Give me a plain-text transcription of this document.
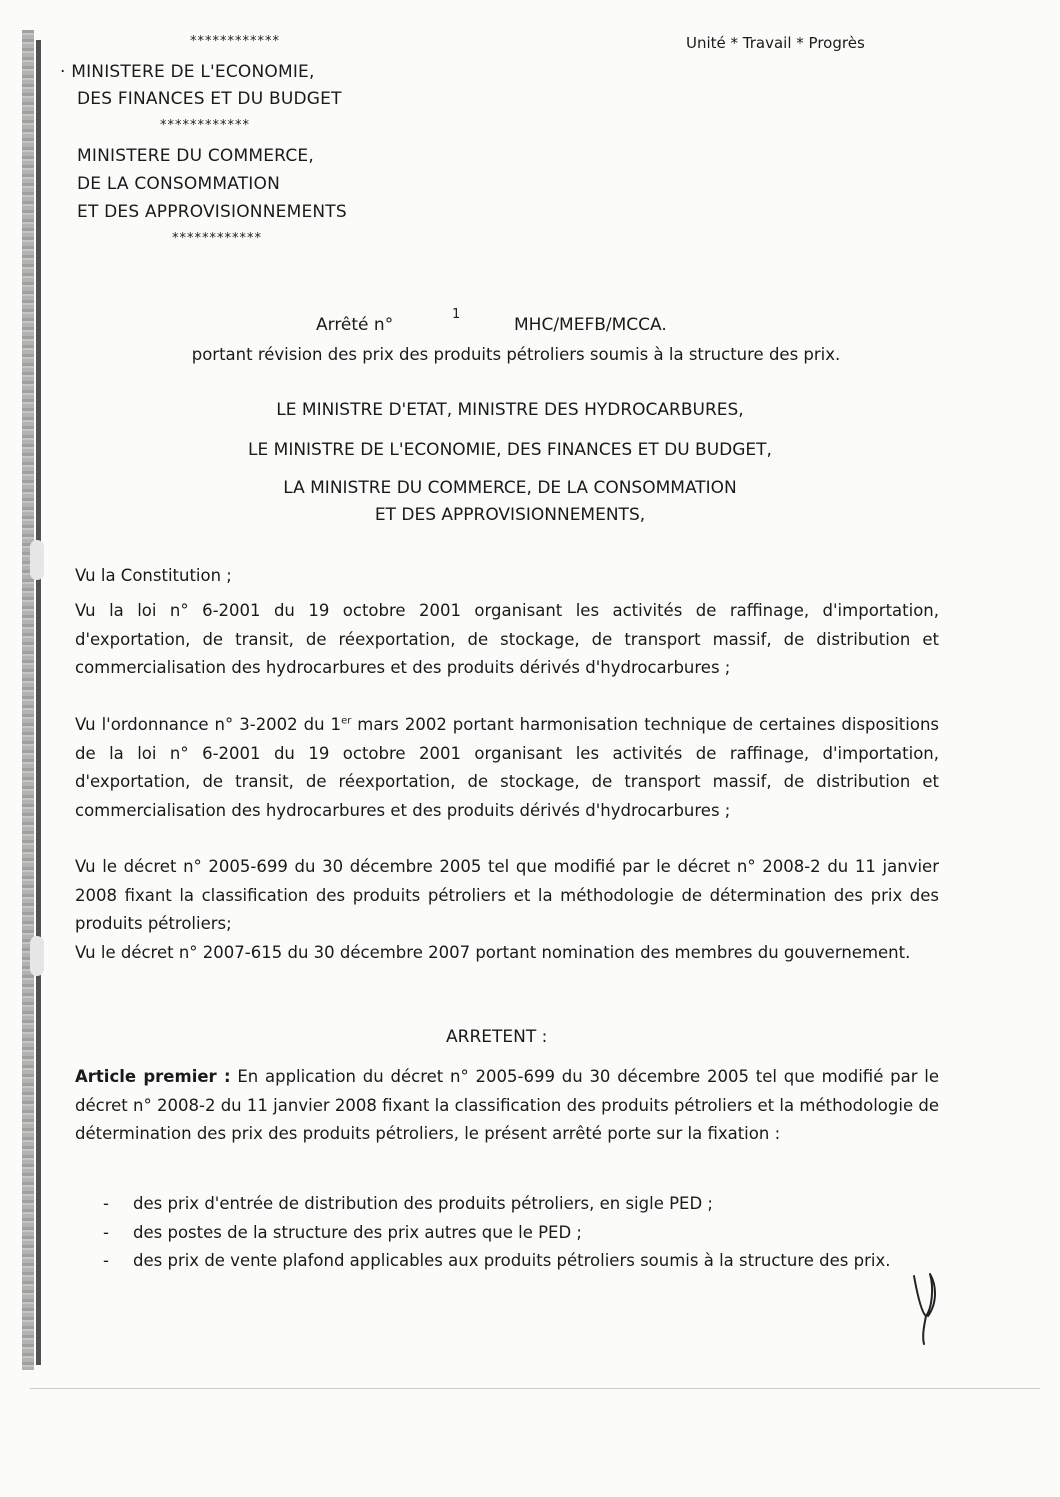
************	Unité * Travail * Progrès
· MINISTERE DE L'ECONOMIE,
DES FINANCES ET DU BUDGET
************
MINISTERE DU COMMERCE,
DE LA CONSOMMATION
ET DES APPROVISIONNEMENTS
************
Arrêté n°
1
MHC/MEFB/MCCA.
portant révision des prix des produits pétroliers soumis à la structure des prix.
LE MINISTRE D'ETAT, MINISTRE DES HYDROCARBURES,
LE MINISTRE DE L'ECONOMIE, DES FINANCES ET DU BUDGET,
LA MINISTRE DU COMMERCE, DE LA CONSOMMATION
ET DES APPROVISIONNEMENTS,
Vu la Constitution ;
Vu la loi n° 6-2001 du 19 octobre 2001 organisant les activités de raffinage, d'importation, d'exportation, de transit, de réexportation, de stockage, de transport massif, de distribution et commercialisation des hydrocarbures et des produits dérivés d'hydrocarbures ;
Vu l'ordonnance n° 3-2002 du 1er mars 2002 portant harmonisation technique de certaines dispositions de la loi n° 6-2001 du 19 octobre 2001 organisant les activités de raffinage, d'importation, d'exportation, de transit, de réexportation, de stockage, de transport massif, de distribution et commercialisation des hydrocarbures et des produits dérivés d'hydrocarbures ;
Vu le décret n° 2005-699 du 30 décembre 2005 tel que modifié par le décret n° 2008-2 du 11 janvier 2008 fixant la classification des produits pétroliers et la méthodologie de détermination des prix des produits pétroliers;
Vu le décret n° 2007-615 du 30 décembre 2007 portant nomination des membres du gouvernement.
ARRETENT :
Article premier : En application du décret n° 2005-699 du 30 décembre 2005 tel que modifié par le décret n° 2008-2 du 11 janvier 2008 fixant la classification des produits pétroliers et la méthodologie de détermination des prix des produits pétroliers, le présent arrêté porte sur la fixation :
- des prix d'entrée de distribution des produits pétroliers, en sigle PED ;
- des postes de la structure des prix autres que le PED ;
- des prix de vente plafond applicables aux produits pétroliers soumis à la structure des prix.
